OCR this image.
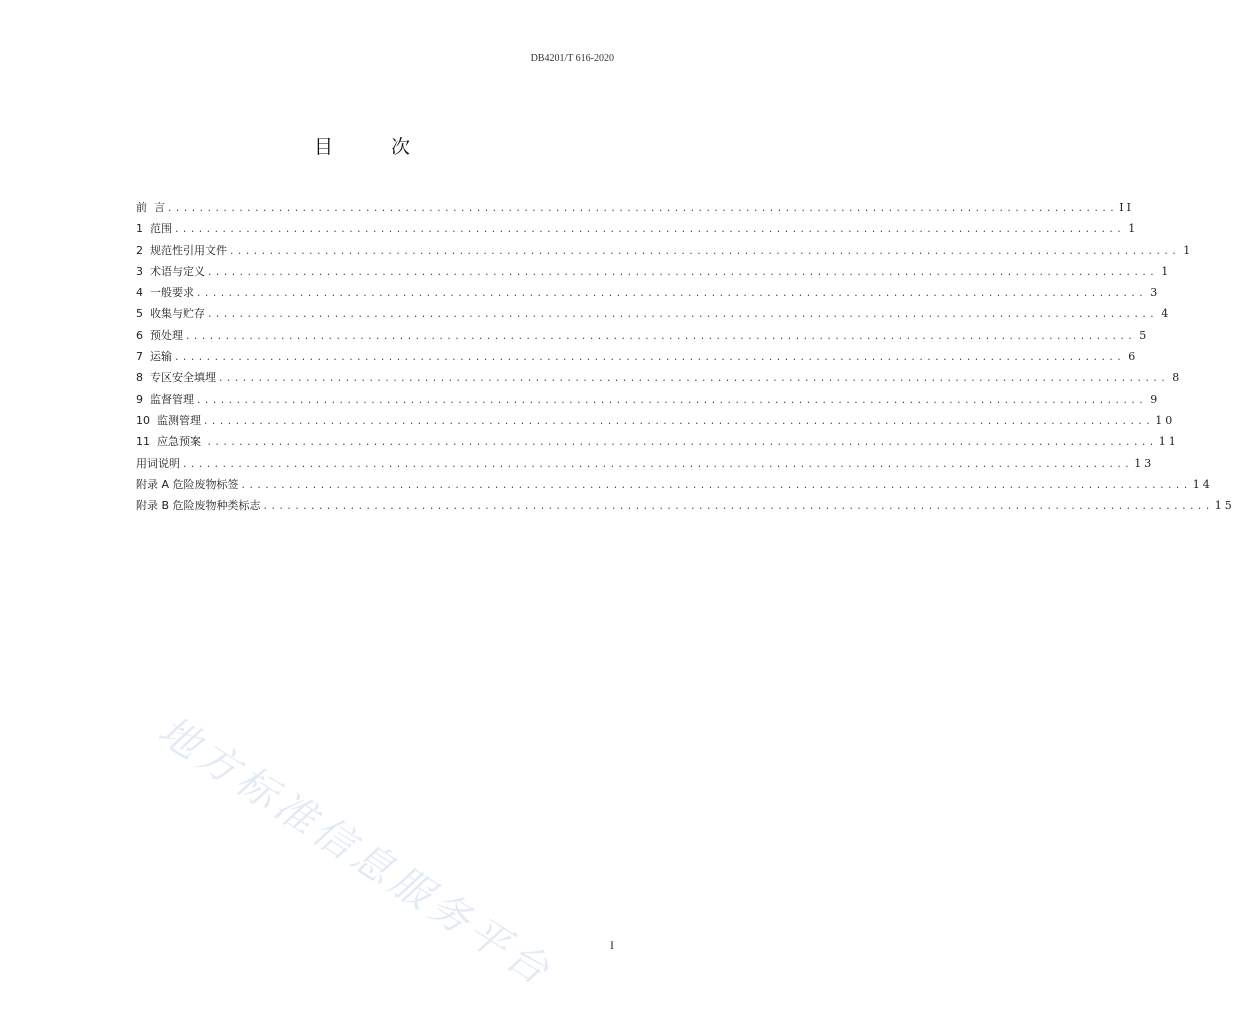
DB4201/T 616-2020
目 次
前 言 ........................................................................................................................ II
1 范围 ........................................................................................................................ 1
2 规范性引用文件 ........................................................................................................................ 1
3 术语与定义 ........................................................................................................................ 1
4 一般要求 ........................................................................................................................ 3
5 收集与贮存 ........................................................................................................................ 4
6 预处理 ........................................................................................................................ 5
7 运输 ........................................................................................................................ 6
8 专区安全填埋 ........................................................................................................................ 8
9 监督管理 ........................................................................................................................ 9
10 监测管理 ........................................................................................................................ 10
11 应急预案 ........................................................................................................................ 11
用词说明 ........................................................................................................................ 13
附录 A 危险废物标签 ........................................................................................................................ 14
附录 B 危险废物种类标志 ........................................................................................................................ 15
地方标准信息服务平台	I
